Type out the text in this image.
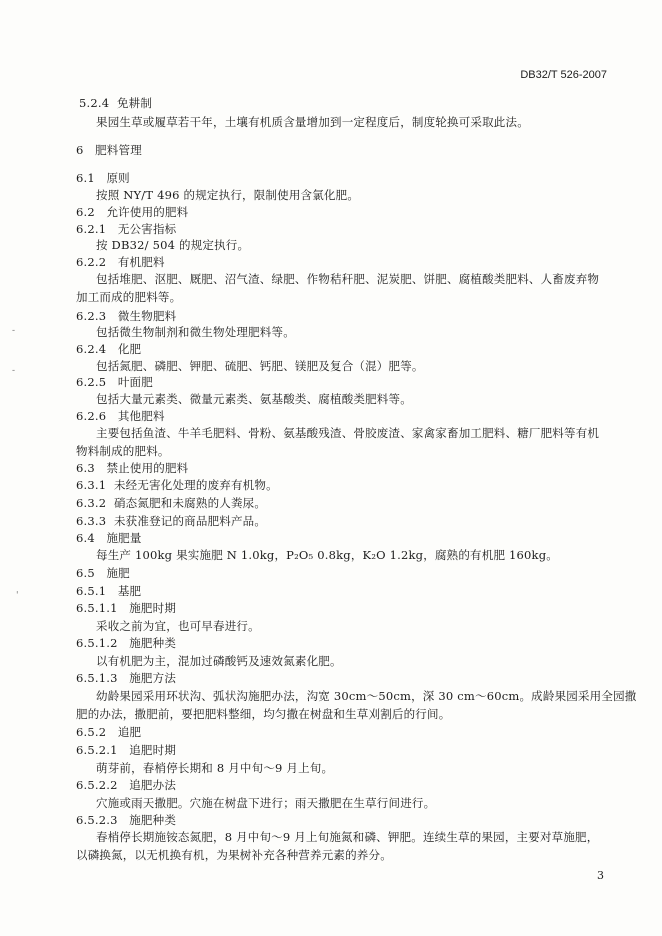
DB32/T 526-2007
-
-
'
5.2.4 免耕制
果园生草或履草若干年，土壤有机质含量增加到一定程度后，制度轮换可采取此法。
6 肥料管理
6.1 原则
按照 NY/T 496 的规定执行，限制使用含氯化肥。
6.2 允许使用的肥料
6.2.1 无公害指标
按 DB32/ 504 的规定执行。
6.2.2 有机肥料
包括堆肥、沤肥、厩肥、沼气渣、绿肥、作物秸秆肥、泥炭肥、饼肥、腐植酸类肥料、人畜废弃物
加工而成的肥料等。
6.2.3 微生物肥料
包括微生物制剂和微生物处理肥料等。
6.2.4 化肥
包括氮肥、磷肥、钾肥、硫肥、钙肥、镁肥及复合（混）肥等。
6.2.5 叶面肥
包括大量元素类、微量元素类、氨基酸类、腐植酸类肥料等。
6.2.6 其他肥料
主要包括鱼渣、牛羊毛肥料、骨粉、氨基酸残渣、骨胶废渣、家禽家畜加工肥料、糖厂肥料等有机
物料制成的肥料。
6.3 禁止使用的肥料
6.3.1 未经无害化处理的废弃有机物。
6.3.2 硝态氮肥和未腐熟的人粪尿。
6.3.3 未获准登记的商品肥料产品。
6.4 施肥量
每生产 100kg 果实施肥 N 1.0kg，P₂O₅ 0.8kg，K₂O 1.2kg，腐熟的有机肥 160kg。
6.5 施肥
6.5.1 基肥
6.5.1.1 施肥时期
采收之前为宜，也可早春进行。
6.5.1.2 施肥种类
以有机肥为主，混加过磷酸钙及速效氮素化肥。
6.5.1.3 施肥方法
幼龄果园采用环状沟、弧状沟施肥办法，沟宽 30cm～50cm，深 30 cm～60cm。成龄果园采用全园撒
肥的办法，撒肥前，要把肥料整细，均匀撒在树盘和生草刈割后的行间。
6.5.2 追肥
6.5.2.1 追肥时期
萌芽前，春梢停长期和 8 月中旬～9 月上旬。
6.5.2.2 追肥办法
穴施或雨天撒肥。穴施在树盘下进行；雨天撒肥在生草行间进行。
6.5.2.3 施肥种类
春梢停长期施铵态氮肥，8 月中旬～9 月上旬施氮和磷、钾肥。连续生草的果园，主要对草施肥，
以磷换氮，以无机换有机，为果树补充各种营养元素的养分。
3
